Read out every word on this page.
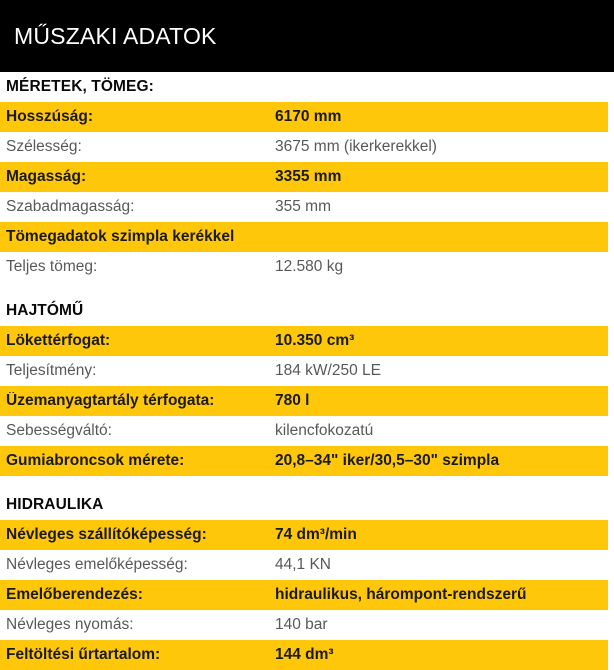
MŰSZAKI ADATOK
MÉRETEK, TÖMEG:
Hosszúság:	6170 mm
Szélesség:	3675 mm (ikerkerekkel)
Magasság:	3355 mm
Szabadmagasság:	355 mm
Tömegadatok szimpla kerékkel
Teljes tömeg:	12.580 kg
HAJTÓMŰ
Lökettérfogat:	10.350 cm³
Teljesítmény:	184 kW/250 LE
Üzemanyagtartály térfogata:	780 l
Sebességváltó:	kilencfokozatú
Gumiabroncsok mérete:	20,8–34" iker/30,5–30" szimpla
HIDRAULIKA
Névleges szállítóképesség:	74 dm³/min
Névleges emelőképesség:	44,1 KN
Emelőberendezés:	hidraulikus, hárompont-rendszerű
Névleges nyomás:	140 bar
Feltöltési űrtartalom:	144 dm³
